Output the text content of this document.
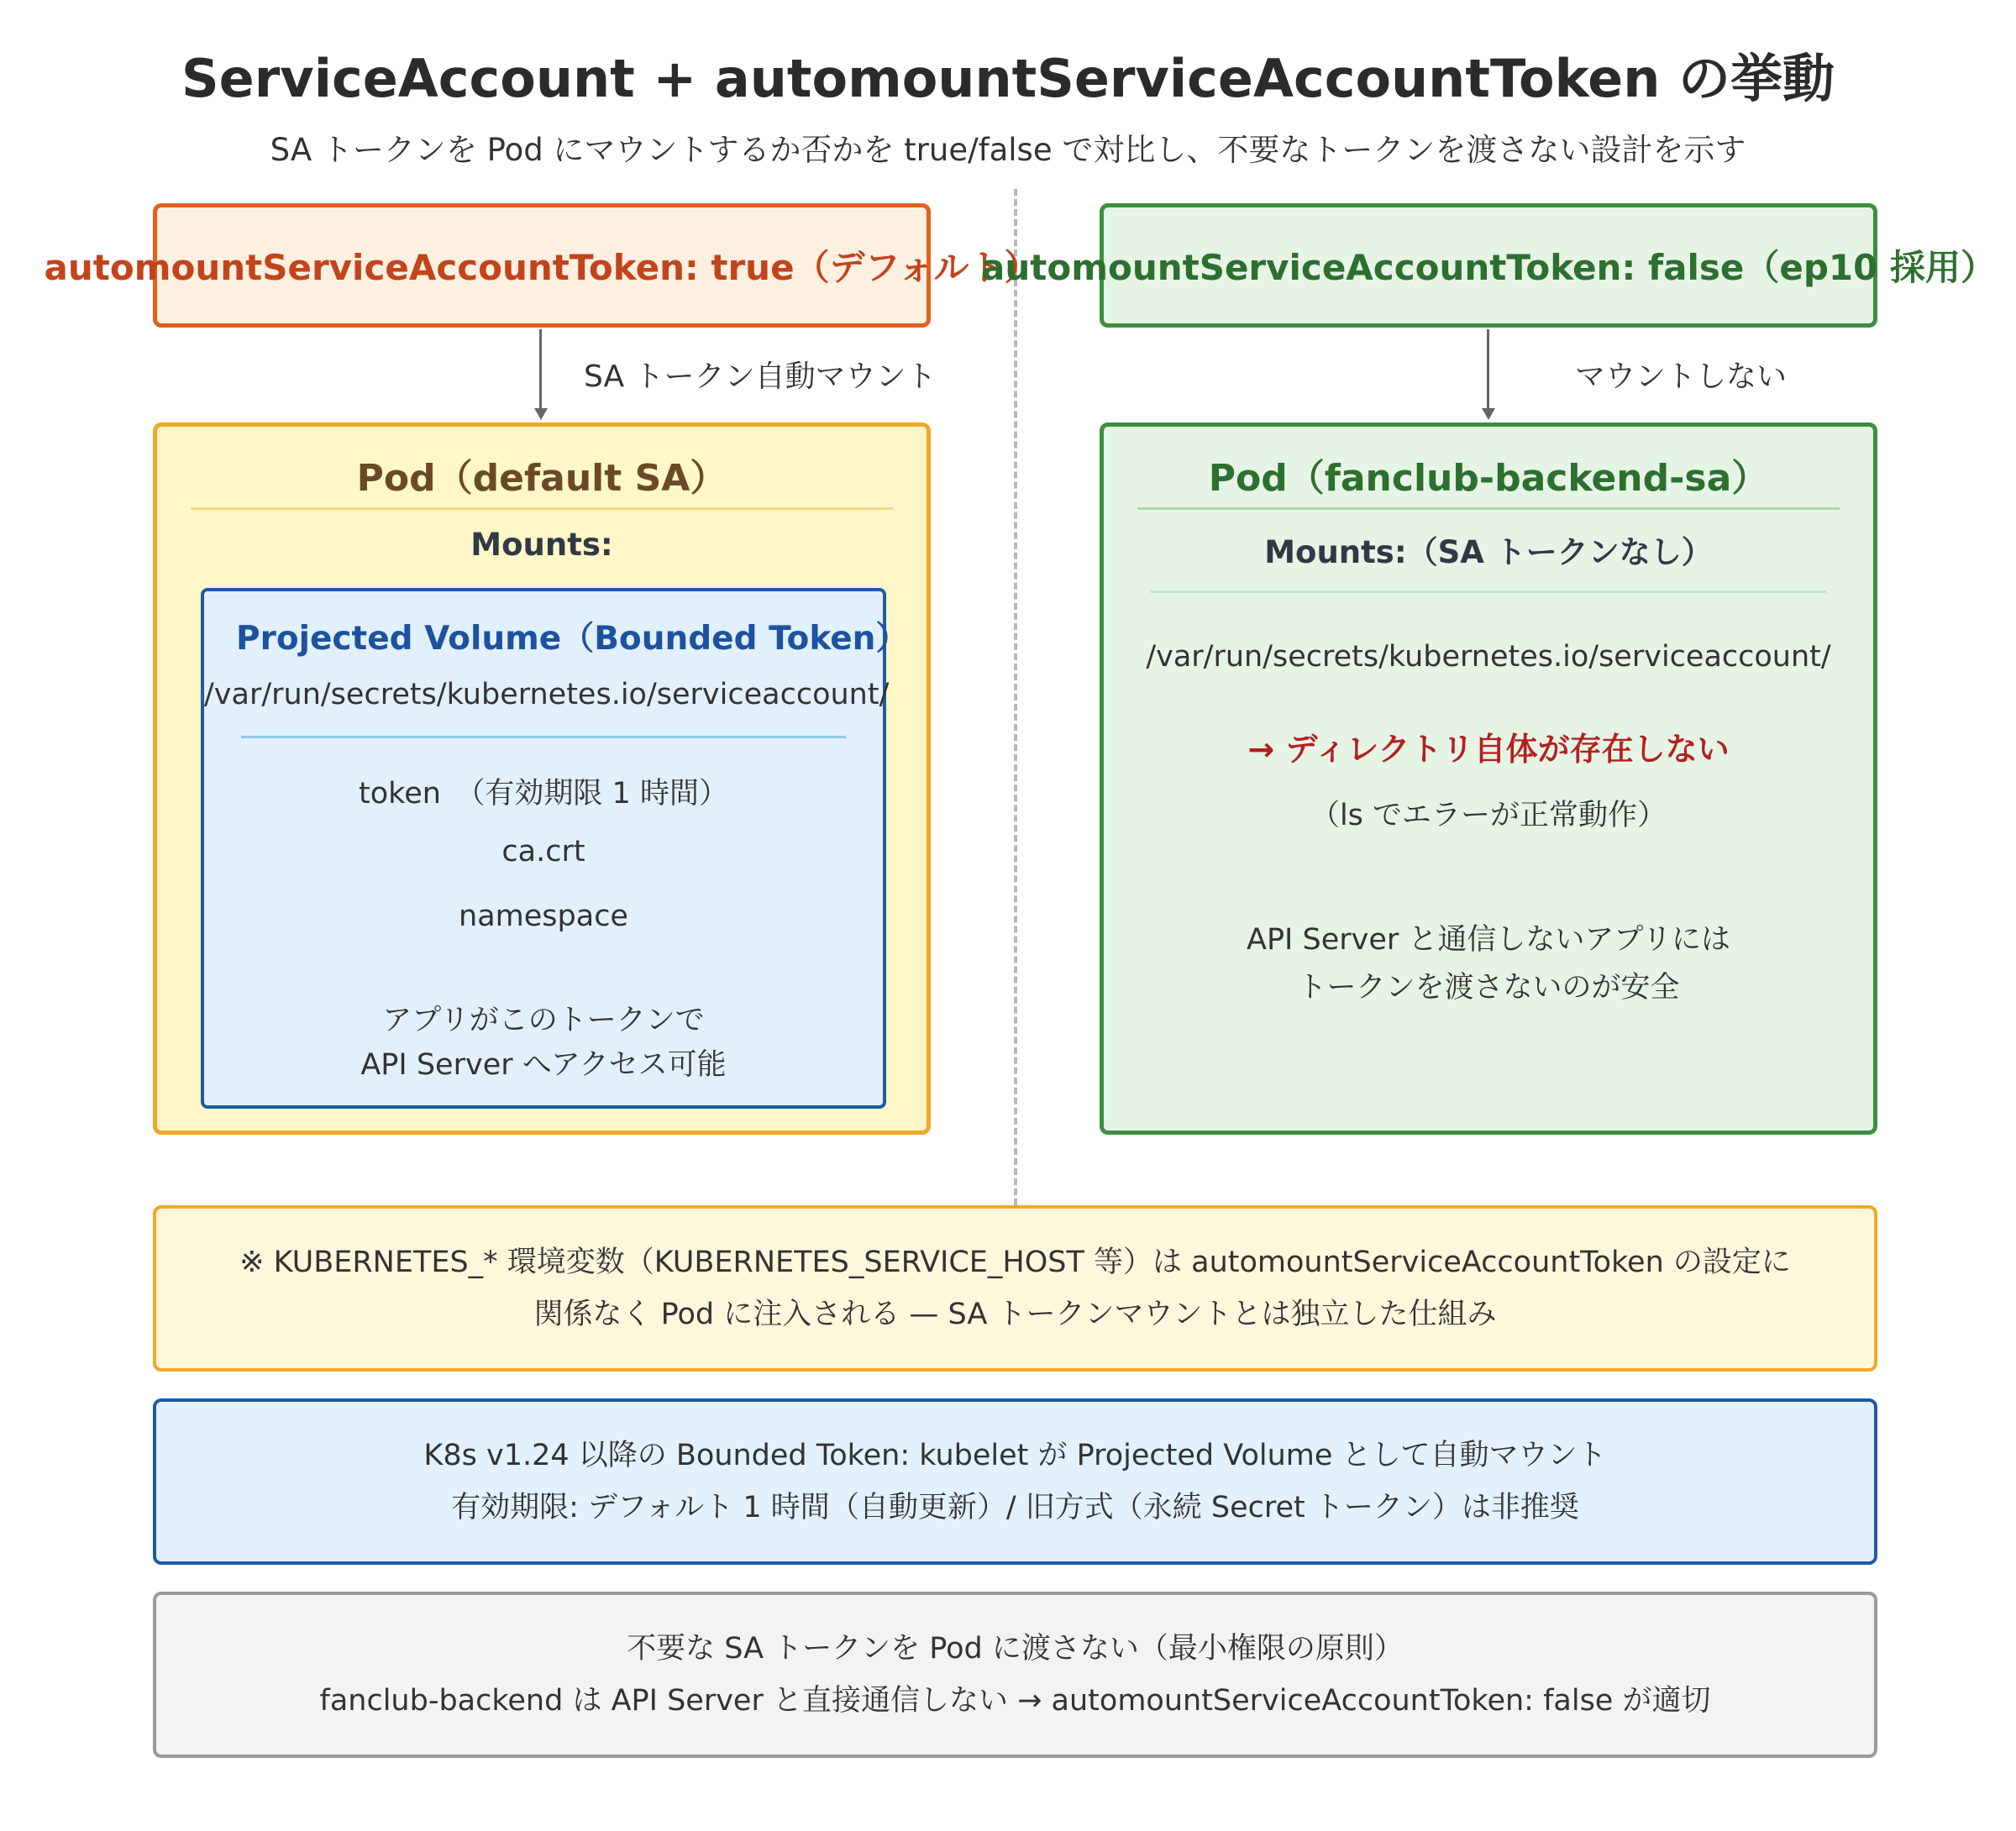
ServiceAccount + automountServiceAccountToken の挙動
SA トークンを Pod にマウントするか否かを true/false で対比し、不要なトークンを渡さない設計を示す
automountServiceAccountToken: true（デフォルト）
SA トークン自動マウント
Pod（default SA）
Mounts:
Projected Volume（Bounded Token）
/var/run/secrets/kubernetes.io/serviceaccount/
token　（有効期限 1 時間）
ca.crt
namespace
アプリがこのトークンで
API Server へアクセス可能
automountServiceAccountToken: false（ep10 採用）
マウントしない
Pod（fanclub-backend-sa）
Mounts:（SA トークンなし）
/var/run/secrets/kubernetes.io/serviceaccount/
→ ディレクトリ自体が存在しない
（ls でエラーが正常動作）
API Server と通信しないアプリには
トークンを渡さないのが安全
※ KUBERNETES_* 環境変数（KUBERNETES_SERVICE_HOST 等）は automountServiceAccountToken の設定に
関係なく Pod に注入される — SA トークンマウントとは独立した仕組み
K8s v1.24 以降の Bounded Token: kubelet が Projected Volume として自動マウント
有効期限: デフォルト 1 時間（自動更新）/ 旧方式（永続 Secret トークン）は非推奨
不要な SA トークンを Pod に渡さない（最小権限の原則）
fanclub-backend は API Server と直接通信しない → automountServiceAccountToken: false が適切
